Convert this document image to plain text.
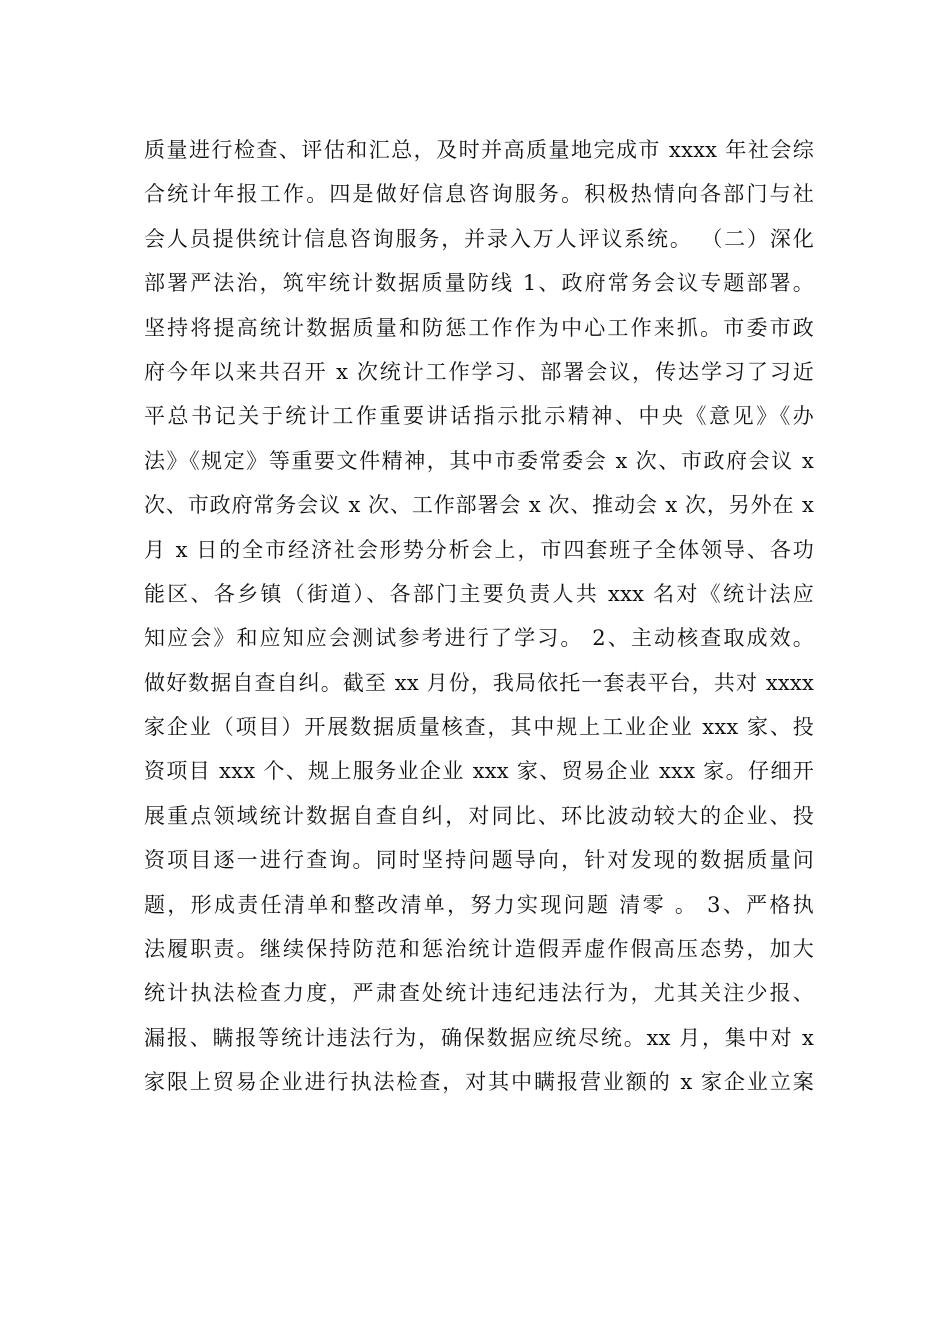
质量进行检查、评估和汇总，及时并高质量地完成市 xxxx 年社会综
合统计年报工作。四是做好信息咨询服务。积极热情向各部门与社
会人员提供统计信息咨询服务，并录入万人评议系统。 （二）深化
部署严法治，筑牢统计数据质量防线 1、政府常务会议专题部署。
坚持将提高统计数据质量和防惩工作作为中心工作来抓。市委市政
府今年以来共召开 x 次统计工作学习、部署会议，传达学习了习近
平总书记关于统计工作重要讲话指示批示精神、中央《意见》《办
法》《规定》等重要文件精神，其中市委常委会 x 次、市政府会议 x
次、市政府常务会议 x 次、工作部署会 x 次、推动会 x 次，另外在 x
月 x 日的全市经济社会形势分析会上，市四套班子全体领导、各功
能区、各乡镇（街道）、各部门主要负责人共 xxx 名对《统计法应
知应会》和应知应会测试参考进行了学习。 2、主动核查取成效。
做好数据自查自纠。截至 xx 月份，我局依托一套表平台，共对 xxxx
家企业（项目）开展数据质量核查，其中规上工业企业 xxx 家、投
资项目 xxx 个、规上服务业企业 xxx 家、贸易企业 xxx 家。仔细开
展重点领域统计数据自查自纠，对同比、环比波动较大的企业、投
资项目逐一进行查询。同时坚持问题导向，针对发现的数据质量问
题，形成责任清单和整改清单，努力实现问题 清零 。 3、严格执
法履职责。继续保持防范和惩治统计造假弄虚作假高压态势，加大
统计执法检查力度，严肃查处统计违纪违法行为，尤其关注少报、
漏报、瞒报等统计违法行为，确保数据应统尽统。xx 月，集中对 x
家限上贸易企业进行执法检查，对其中瞒报营业额的 x 家企业立案
